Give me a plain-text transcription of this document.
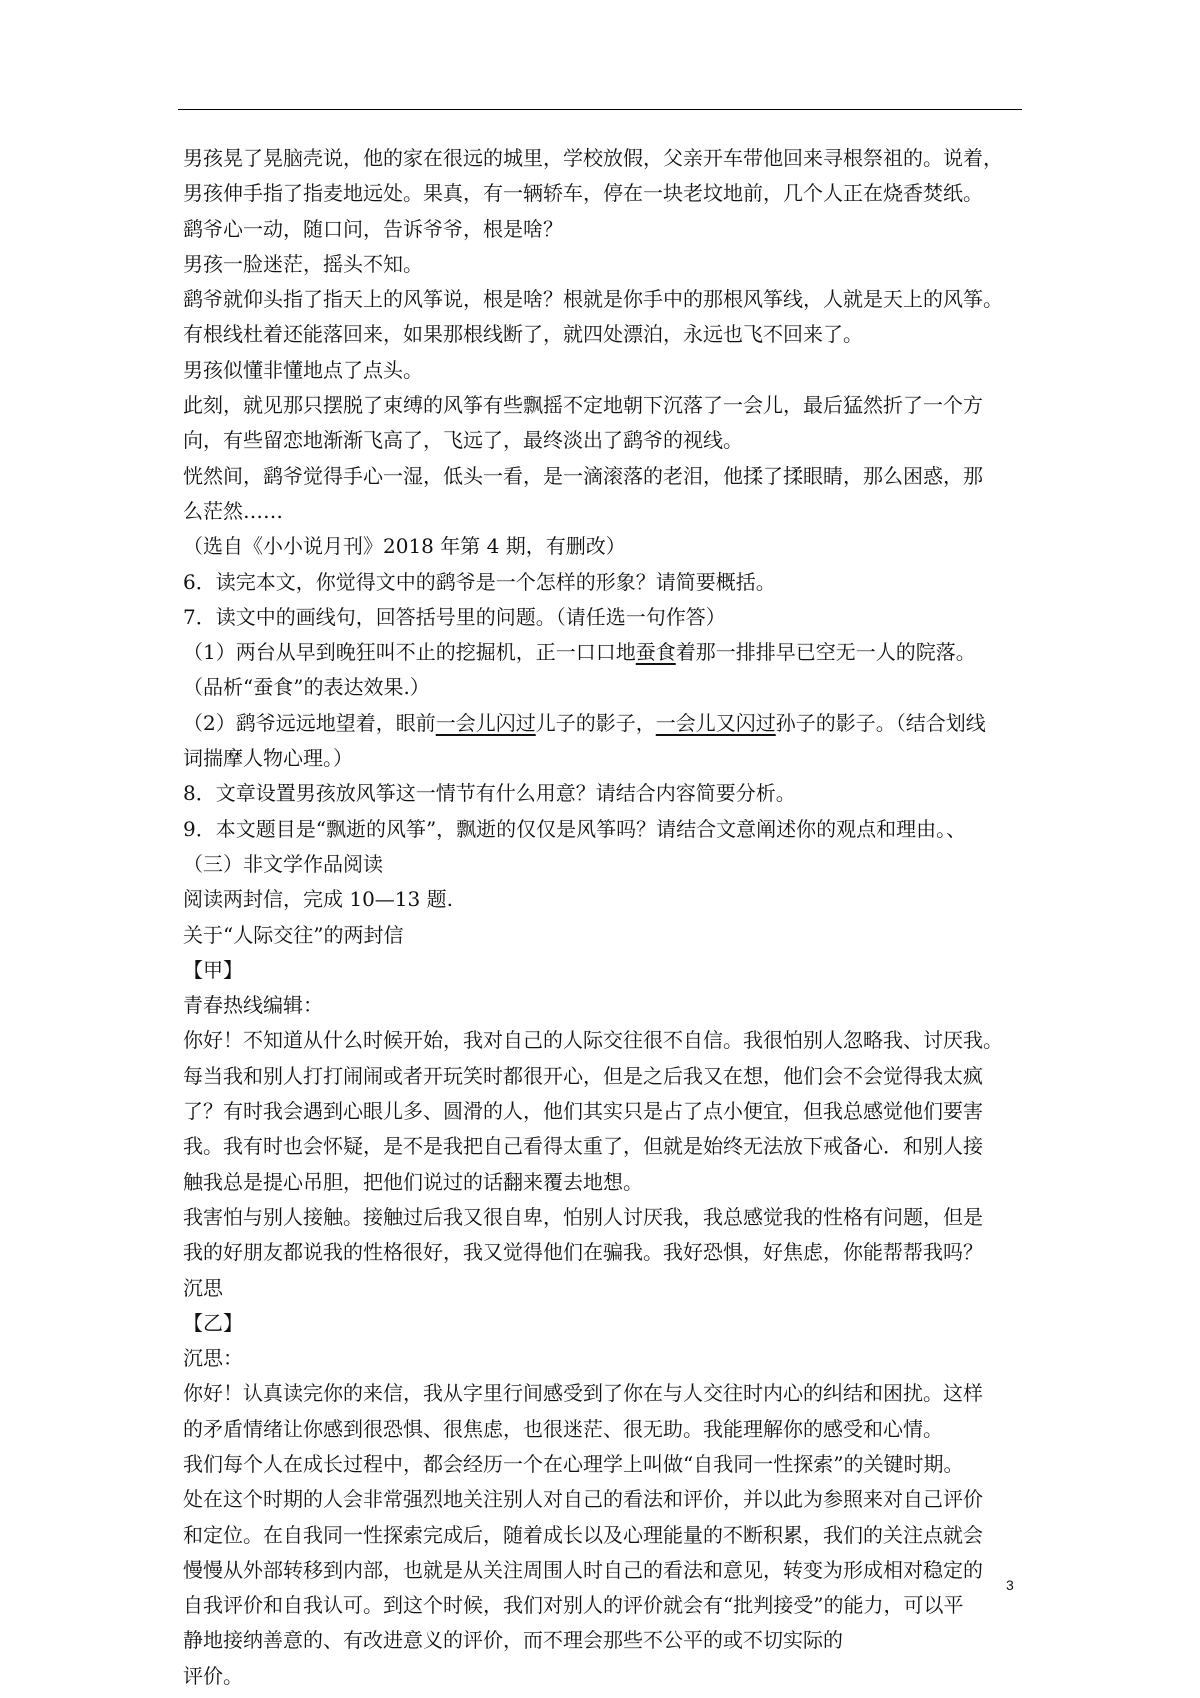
男孩晃了晃脑壳说，他的家在很远的城里，学校放假，父亲开车带他回来寻根祭祖的。说着，
男孩伸手指了指麦地远处。果真，有一辆轿车，停在一块老坟地前，几个人正在烧香焚纸。
鹞爷心一动，随口问，告诉爷爷，根是啥？
男孩一脸迷茫，摇头不知。
鹞爷就仰头指了指天上的风筝说，根是啥？根就是你手中的那根风筝线，人就是天上的风筝。
有根线杜着还能落回来，如果那根线断了，就四处漂泊，永远也飞不回来了。
男孩似懂非懂地点了点头。
此刻，就见那只摆脱了束缚的风筝有些飘摇不定地朝下沉落了一会儿，最后猛然折了一个方
向，有些留恋地渐渐飞高了，飞远了，最终淡出了鹞爷的视线。
恍然间，鹞爷觉得手心一湿，低头一看，是一滴滚落的老泪，他揉了揉眼睛，那么困惑，那
么茫然……
（选自《小小说月刊》2018 年第 4 期，有删改）
6．读完本文，你觉得文中的鹞爷是一个怎样的形象？请简要概括。
7．读文中的画线句，回答括号里的问题。（请任选一句作答）
（1）两台从早到晚狂叫不止的挖掘机，正一口口地蚕食着那一排排早已空无一人的院落。
（品析“蚕食”的表达效果.）
（2）鹞爷远远地望着，眼前一会儿闪过儿子的影子，一会儿又闪过孙子的影子。（结合划线
词揣摩人物心理。）
8．文章设置男孩放风筝这一情节有什么用意？请结合内容简要分析。
9．本文题目是“飘逝的风筝”，飘逝的仅仅是风筝吗？请结合文意阐述你的观点和理由。、
（三）非文学作品阅读
阅读两封信，完成 10—13 题.
关于“人际交往”的两封信
【甲】
青春热线编辑：
你好！不知道从什么时候开始，我对自己的人际交往很不自信。我很怕别人忽略我、讨厌我。
每当我和别人打打闹闹或者开玩笑时都很开心，但是之后我又在想，他们会不会觉得我太疯
了？有时我会遇到心眼儿多、圆滑的人，他们其实只是占了点小便宜，但我总感觉他们要害
我。我有时也会怀疑，是不是我把自己看得太重了，但就是始终无法放下戒备心．和别人接
触我总是提心吊胆，把他们说过的话翻来覆去地想。
我害怕与别人接触。接触过后我又很自卑，怕别人讨厌我，我总感觉我的性格有问题，但是
我的好朋友都说我的性格很好，我又觉得他们在骗我。我好恐惧，好焦虑，你能帮帮我吗？
沉思
【乙】
沉思：
你好！认真读完你的来信，我从字里行间感受到了你在与人交往时内心的纠结和困扰。这样
的矛盾情绪让你感到很恐惧、很焦虑，也很迷茫、很无助。我能理解你的感受和心情。
我们每个人在成长过程中，都会经历一个在心理学上叫做“自我同一性探索”的关键时期。
处在这个时期的人会非常强烈地关注别人对自己的看法和评价，并以此为参照来对自己评价
和定位。在自我同一性探索完成后，随着成长以及心理能量的不断积累，我们的关注点就会
慢慢从外部转移到内部，也就是从关注周围人时自己的看法和意见，转变为形成相对稳定的
自我评价和自我认可。到这个时候，我们对别人的评价就会有“批判接受”的能力，可以平
静地接纳善意的、有改进意义的评价，而不理会那些不公平的或不切实际的
评价。
3
